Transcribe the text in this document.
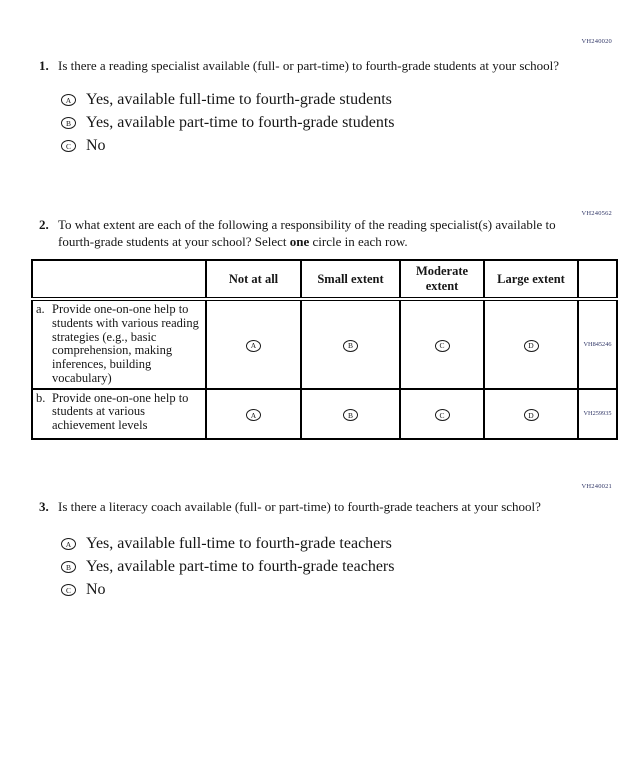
VH240020
1. Is there a reading specialist available (full- or part-time) to fourth-grade students at your school?
A Yes, available full-time to fourth-grade students
B Yes, available part-time to fourth-grade students
C No
VH240562
2. To what extent are each of the following a responsibility of the reading specialist(s) available to fourth-grade students at your school? Select one circle in each row.
	Not at all	Small extent	Moderate extent	Large extent	

a. Provide one-on-one help to students with various reading strategies (e.g., basic comprehension, making inferences, building vocabulary)	A	B	C	D	VH845246

b. Provide one-on-one help to students at various achievement levels	A	B	C	D	VH259935
VH240021
3. Is there a literacy coach available (full- or part-time) to fourth-grade teachers at your school?
A Yes, available full-time to fourth-grade teachers
B Yes, available part-time to fourth-grade teachers
C No
